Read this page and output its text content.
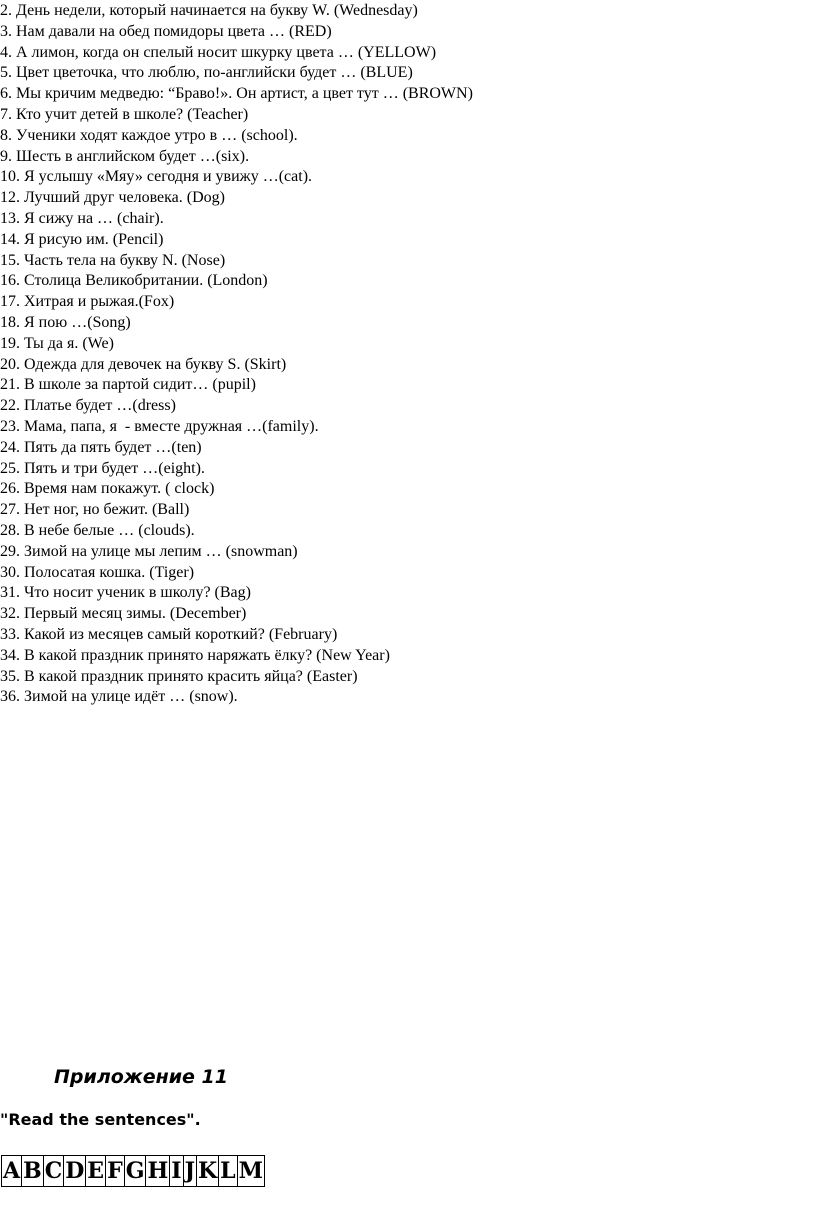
2. День недели, который начинается на букву W. (Wednesday)
3. Нам давали на обед помидоры цвета … (RED)
4. А лимон, когда он спелый носит шкурку цвета … (YELLOW)
5. Цвет цветочка, что люблю, по-английски будет … (BLUE)
6. Мы кричим медведю: “Браво!». Он артист, а цвет тут … (BROWN)
7. Кто учит детей в школе? (Teacher)
8. Ученики ходят каждое утро в … (school).
9. Шесть в английском будет …(six).
10. Я услышу «Мяу» сегодня и увижу …(cat).
12. Лучший друг человека. (Dog)
13. Я сижу на … (chair).
14. Я рисую им. (Pencil)
15. Часть тела на букву N. (Nose)
16. Столица Великобритании. (London)
17. Хитрая и рыжая.(Fox)
18. Я пою …(Song)
19. Ты да я. (We)
20. Одежда для девочек на букву S. (Skirt)
21. В школе за партой сидит… (pupil)
22. Платье будет …(dress)
23. Мама, папа, я  - вместе дружная …(family).
24. Пять да пять будет …(ten)
25. Пять и три будет …(eight).
26. Время нам покажут. ( clock)
27. Нет ног, но бежит. (Ball)
28. В небе белые … (clouds).
29. Зимой на улице мы лепим … (snowman)
30. Полосатая кошка. (Tiger)
31. Что носит ученик в школу? (Bag)
32. Первый месяц зимы. (December)
33. Какой из месяцев самый короткий? (February)
34. В какой праздник принято наряжать ёлку? (New Year)
35. В какой праздник принято красить яйца? (Easter)
36. Зимой на улице идёт … (snow).
Приложение 11

"Read the sentences".

A	B	C	D	E	F	G	H	I	J	K	L	M
